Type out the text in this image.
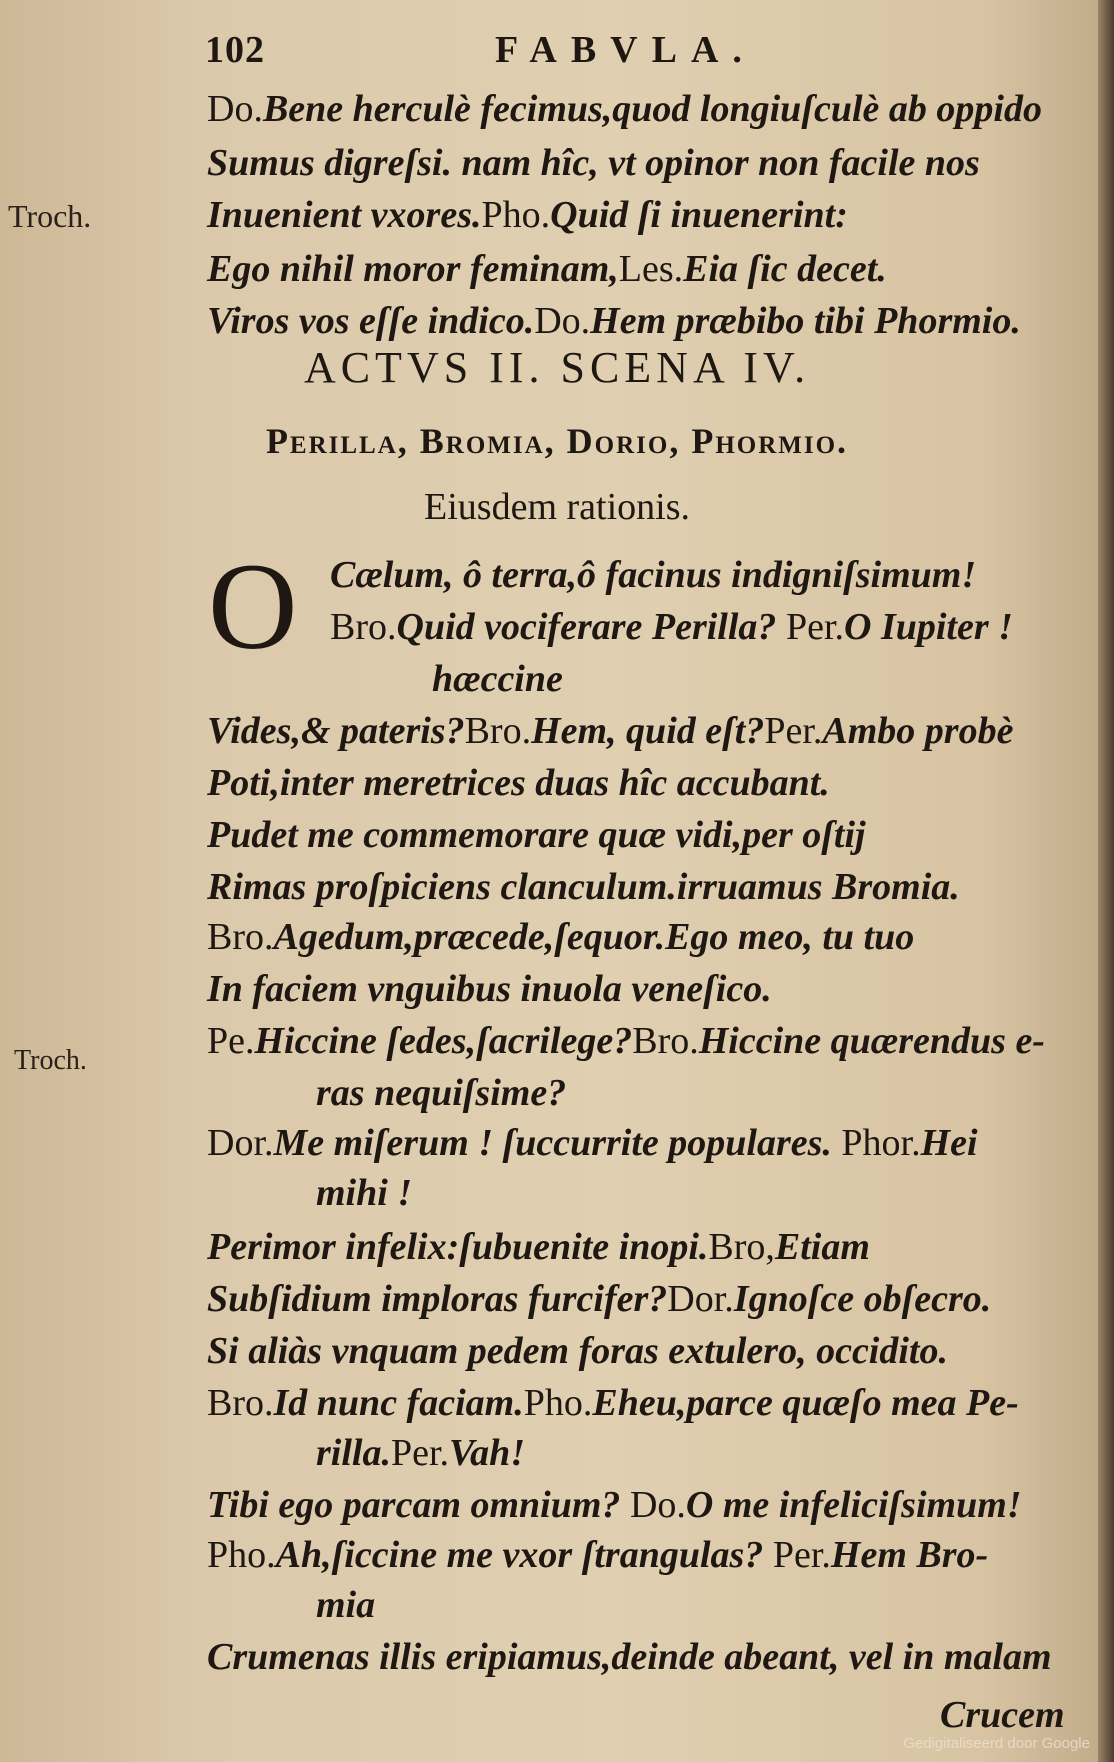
102	FABVLA.
Troch.
Troch.
Do.Bene herculè fecimus,quod longiuſculè ab oppido
Sumus digreſsi. nam hîc, vt opinor non facile nos
Inuenient vxores.Pho.Quid ſi inuenerint:
Ego nihil moror feminam,Les.Eia ſic decet.
Viros vos eſſe indico.Do.Hem præbibo tibi Phormio.
ACTVS II. SCENA IV.
Perilla, Bromia, Dorio, Phormio.
Eiusdem rationis.
O Cælum, ô terra,ô facinus indigniſsimum!
Bro.Quid vociferare Perilla? Per.O Iupiter !
hæccine
Vides,& pateris?Bro.Hem, quid eſt?Per.Ambo probè
Poti,inter meretrices duas hîc accubant.
Pudet me commemorare quæ vidi,per oſtij
Rimas proſpiciens clanculum.irruamus Bromia.
Bro.Agedum,præcede,ſequor.Ego meo, tu tuo
In faciem vnguibus inuola veneſico.
Pe.Hiccine ſedes,ſacrilege?Bro.Hiccine quærendus e-
ras nequiſsime?
Dor.Me miſerum ! ſuccurrite populares. Phor.Hei
mihi !
Perimor infelix:ſubuenite inopi.Bro,Etiam
Subſidium imploras furcifer?Dor.Ignoſce obſecro.
Si aliàs vnquam pedem foras extulero, occidito.
Bro.Id nunc faciam.Pho.Eheu,parce quæſo mea Pe-
rilla.Per.Vah!
Tibi ego parcam omnium? Do.O me infeliciſsimum!
Pho.Ah,ſiccine me vxor ſtrangulas? Per.Hem Bro-
mia
Crumenas illis eripiamus,deinde abeant, vel in malam
Crucem
Gedigitaliseerd door Google
